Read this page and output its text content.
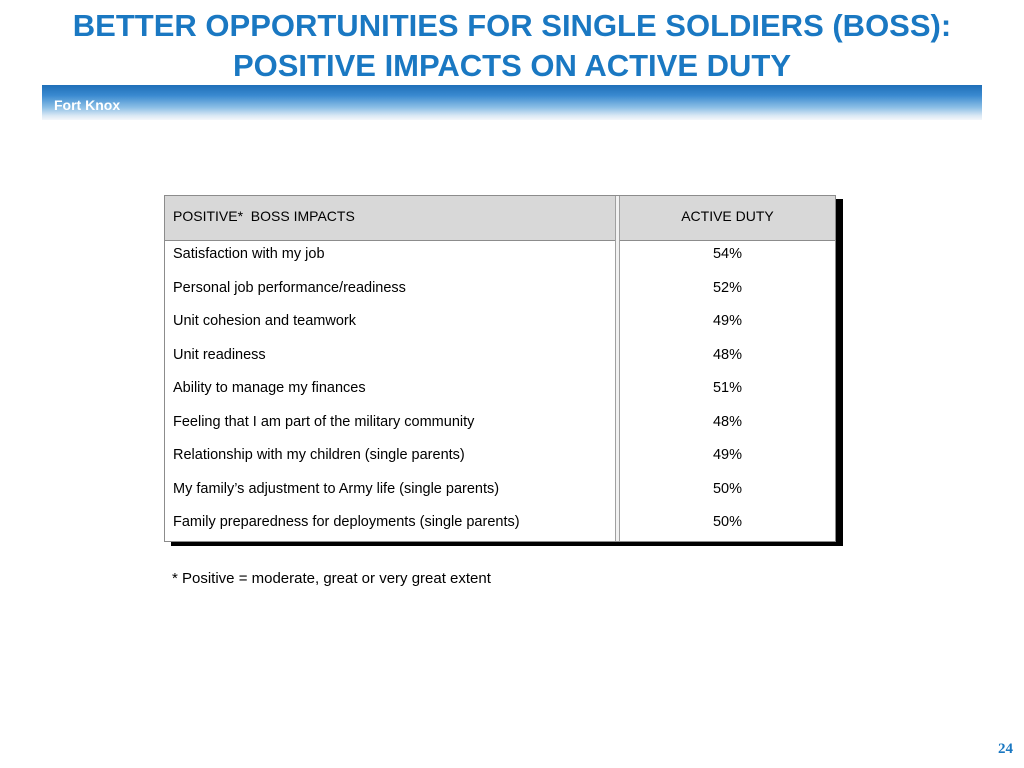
BETTER OPPORTUNITIES FOR SINGLE SOLDIERS (BOSS):
POSITIVE IMPACTS ON ACTIVE DUTY
Fort Knox
POSITIVE*  BOSS IMPACTS	ACTIVE DUTY
Satisfaction with my job	54%
Personal job performance/readiness	52%
Unit cohesion and teamwork	49%
Unit readiness	48%
Ability to manage my finances	51%
Feeling that I am part of the military community	48%
Relationship with my children (single parents)	49%
My family’s adjustment to Army life (single parents)	50%
Family preparedness for deployments (single parents)	50%
* Positive = moderate, great or very great extent
24
